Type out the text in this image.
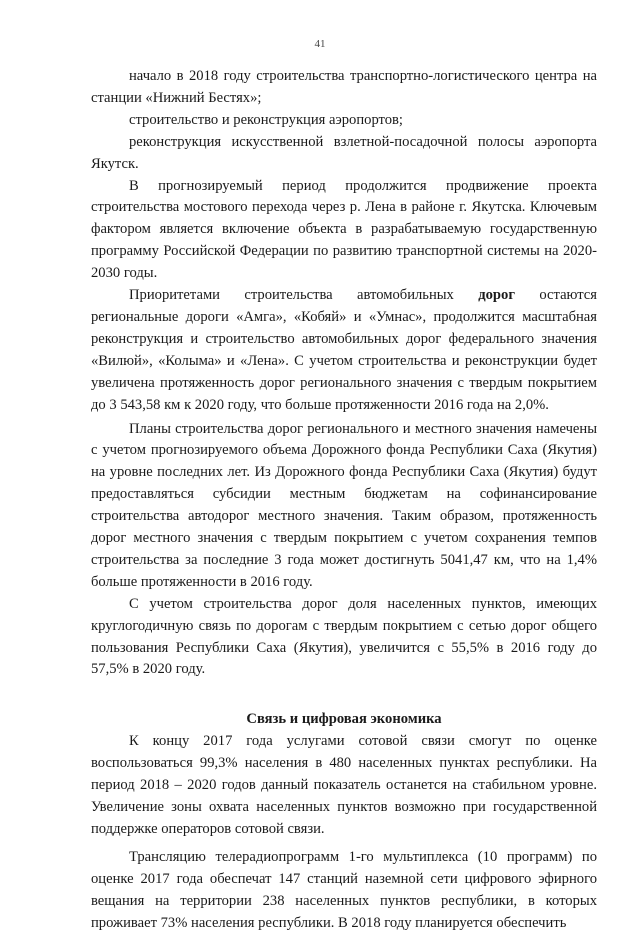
41

начало в 2018 году строительства транспортно-логистического центра на станции «Нижний Бестях»;

строительство и реконструкция аэропортов;

реконструкция искусственной взлетной-посадочной полосы аэропорта Якутск.

В прогнозируемый период продолжится продвижение проекта строительства мостового перехода через р. Лена в районе г. Якутска. Ключевым фактором является включение объекта в разрабатываемую государственную программу Российской Федерации по развитию транспортной системы на 2020-2030 годы.

Приоритетами строительства автомобильных дорог остаются региональные дороги «Амга», «Кобяй» и «Умнас», продолжится масштабная реконструкция и строительство автомобильных дорог федерального значения «Вилюй», «Колыма» и «Лена». С учетом строительства и реконструкции будет увеличена протяженность дорог регионального значения с твердым покрытием до 3 543,58 км к 2020 году, что больше протяженности 2016 года на 2,0%.

Планы строительства дорог регионального и местного значения намечены с учетом прогнозируемого объема Дорожного фонда Республики Саха (Якутия) на уровне последних лет. Из Дорожного фонда Республики Саха (Якутия) будут предоставляться субсидии местным бюджетам на софинансирование строительства автодорог местного значения. Таким образом, протяженность дорог местного значения с твердым покрытием с учетом сохранения темпов строительства за последние 3 года может достигнуть 5041,47 км, что на 1,4% больше протяженности в 2016 году.

С учетом строительства дорог доля населенных пунктов, имеющих круглогодичную связь по дорогам с твердым покрытием с сетью дорог общего пользования Республики Саха (Якутия), увеличится с 55,5% в 2016 году до 57,5% в 2020 году.

Связь и цифровая экономика

К концу 2017 года услугами сотовой связи смогут по оценке воспользоваться 99,3% населения в 480 населенных пунктах республики. На период 2018 – 2020 годов данный показатель останется на стабильном уровне. Увеличение зоны охвата населенных пунктов возможно при государственной поддержке операторов сотовой связи.

Трансляцию телерадиопрограмм 1-го мультиплекса (10 программ) по оценке 2017 года обеспечат 147 станций наземной сети цифрового эфирного вещания на территории 238 населенных пунктов республики, в которых проживает 73% населения республики. В 2018 году планируется обеспечить
